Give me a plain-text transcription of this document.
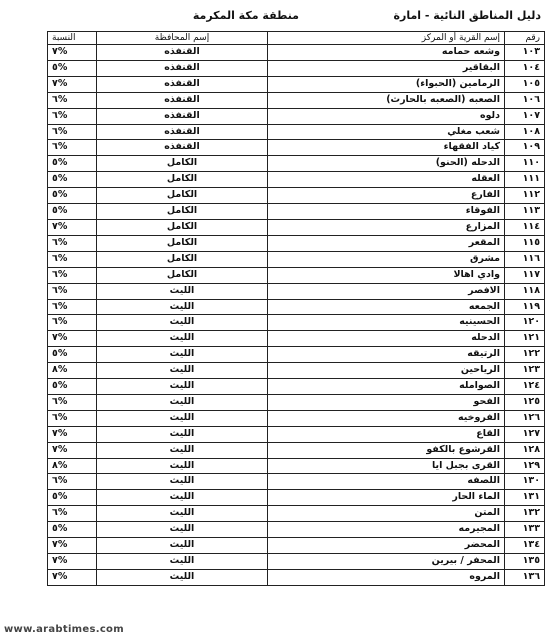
دليل المناطق النائية - امارة
منطقة مكة المكرمة
رقم	إسم القرية أو المركز	إسم المحافظة	النسبة
١٠٣	وشعه حمامه	القنفذه	%٧
١٠٤	البقاقير	القنفذه	%٥
١٠٥	الرمامين (الحبواء)	القنفذه	%٧
١٠٦	الصعبه (الصعبه بالحارث)	القنفذه	%٦
١٠٧	دلوه	القنفذه	%٦
١٠٨	شعب مغلي	القنفذه	%٦
١٠٩	كياد الفقهاء	القنفذه	%٦
١١٠	الدحله (الحنو)	الكامل	%٥
١١١	العقله	الكامل	%٥
١١٢	الفارع	الكامل	%٥
١١٣	الفوقاء	الكامل	%٥
١١٤	المزارع	الكامل	%٧
١١٥	المقعر	الكامل	%٦
١١٦	مشرق	الكامل	%٦
١١٧	وادي اهالا	الكامل	%٦
١١٨	الافصر	الليث	%٦
١١٩	الجمعه	الليث	%٦
١٢٠	الحسينيه	الليث	%٦
١٢١	الدحله	الليث	%٧
١٢٢	الرتيقه	الليث	%٥
١٢٣	الرياحين	الليث	%٨
١٢٤	الصوامله	الليث	%٥
١٢٥	الفحو	الليث	%٦
١٢٦	الفروخيه	الليث	%٦
١٢٧	القاع	الليث	%٧
١٢٨	القرشوع بالكفو	الليث	%٧
١٢٩	القرى بجبل ايا	الليث	%٨
١٣٠	اللصفه	الليث	%٦
١٣١	الماء الحار	الليث	%٥
١٣٢	المتن	الليث	%٦
١٣٣	المجيرمه	الليث	%٥
١٣٤	المحضر	الليث	%٧
١٣٥	المحفر / بيرين	الليث	%٧
١٣٦	المروه	الليث	%٧
www.arabtimes.com
